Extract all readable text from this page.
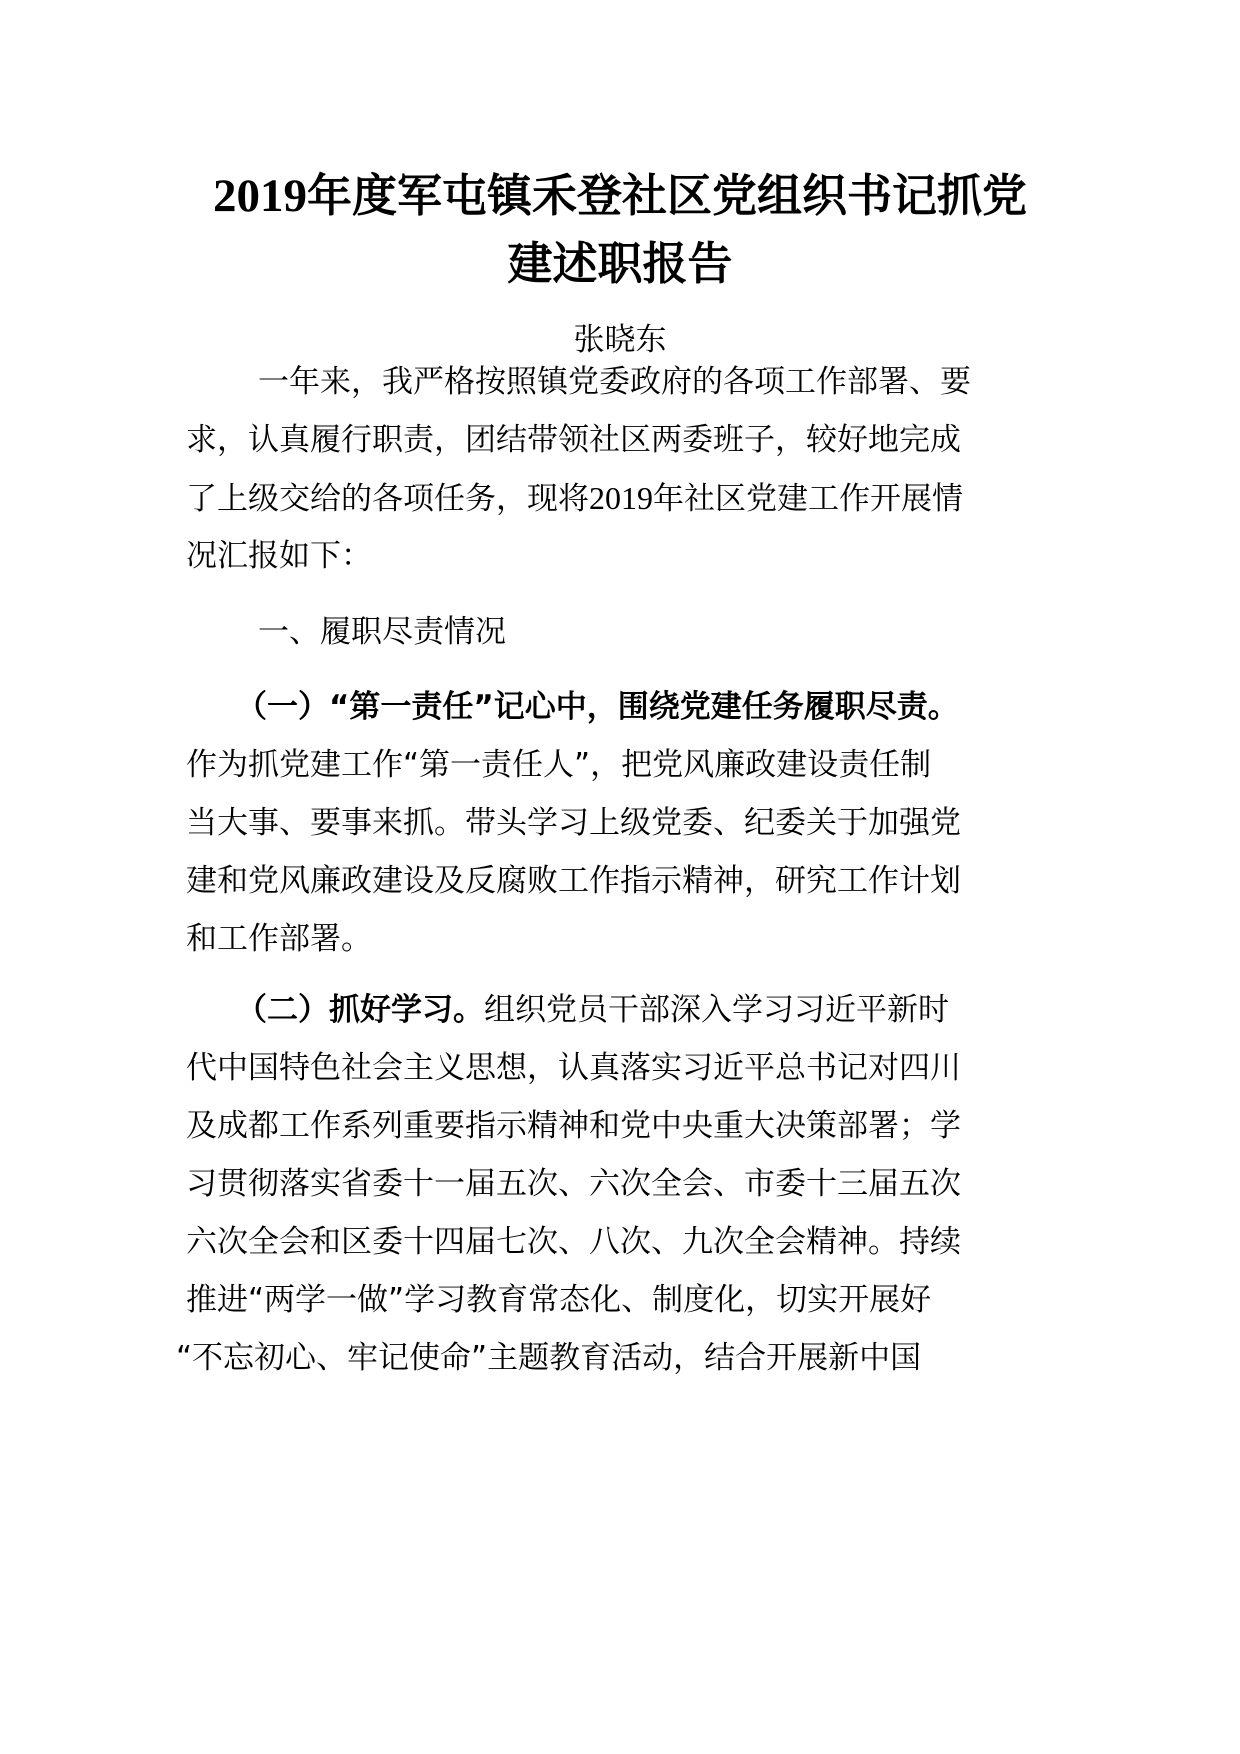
2019年度军屯镇禾登社区党组织书记抓党
建述职报告
张晓东
一年来，我严格按照镇党委政府的各项工作部署、要
求，认真履行职责，团结带领社区两委班子，较好地完成
了上级交给的各项任务，现将2019年社区党建工作开展情
况汇报如下：
一、履职尽责情况
（一）“第一责任”记心中，围绕党建任务履职尽责。
作为抓党建工作“第一责任人”，把党风廉政建设责任制
当大事、要事来抓。带头学习上级党委、纪委关于加强党
建和党风廉政建设及反腐败工作指示精神，研究工作计划
和工作部署。
（二）抓好学习。组织党员干部深入学习习近平新时
代中国特色社会主义思想，认真落实习近平总书记对四川
及成都工作系列重要指示精神和党中央重大决策部署；学
习贯彻落实省委十一届五次、六次全会、市委十三届五次
六次全会和区委十四届七次、八次、九次全会精神。持续
推进“两学一做”学习教育常态化、制度化，切实开展好
“不忘初心、牢记使命”主题教育活动，结合开展新中国
